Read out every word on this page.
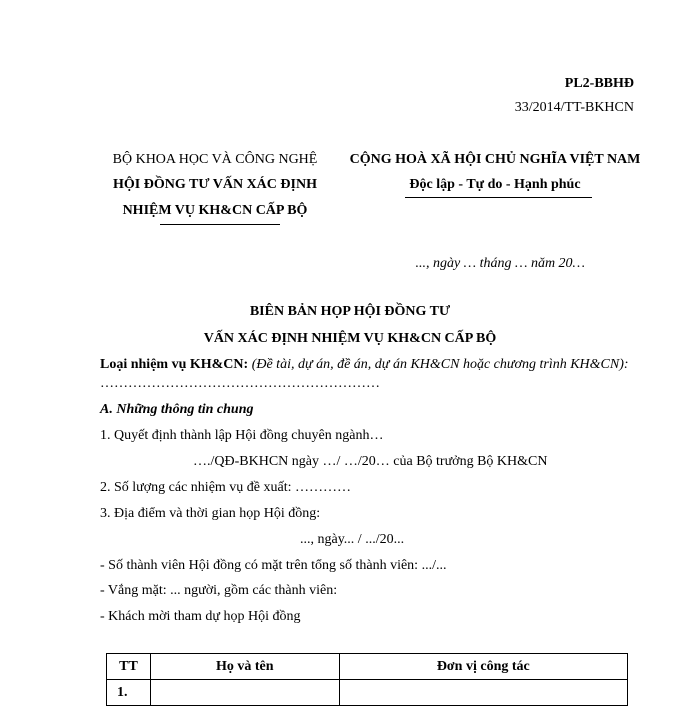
PL2-BBHĐ
33/2014/TT-BKHCN
BỘ KHOA HỌC VÀ CÔNG NGHỆ
HỘI ĐỒNG TƯ VẤN XÁC ĐỊNH
NHIỆM VỤ KH&CN CẤP BỘ
CỘNG HOÀ XÃ HỘI CHỦ NGHĨA VIỆT NAM
Độc lập - Tự do - Hạnh phúc
..., ngày … tháng … năm 20…
BIÊN BẢN HỌP HỘI ĐỒNG TƯ
VẤN XÁC ĐỊNH NHIỆM VỤ KH&CN CẤP BỘ
Loại nhiệm vụ KH&CN: (Đề tài, dự án, đề án, dự án KH&CN hoặc chương trình KH&CN):
……………………………………………………
A. Những thông tin chung
1. Quyết định thành lập Hội đồng chuyên ngành…
…./QĐ-BKHCN ngày …/ …/20… của Bộ trưởng Bộ KH&CN
2. Số lượng các nhiệm vụ đề xuất: …………
3. Địa điểm và thời gian họp Hội đồng:
..., ngày... / .../20...
- Số thành viên Hội đồng có mặt trên tổng số thành viên: .../...
- Vắng mặt: ... người, gồm các thành viên:
- Khách mời tham dự họp Hội đồng
TT	Họ và tên	Đơn vị công tác
1.		
